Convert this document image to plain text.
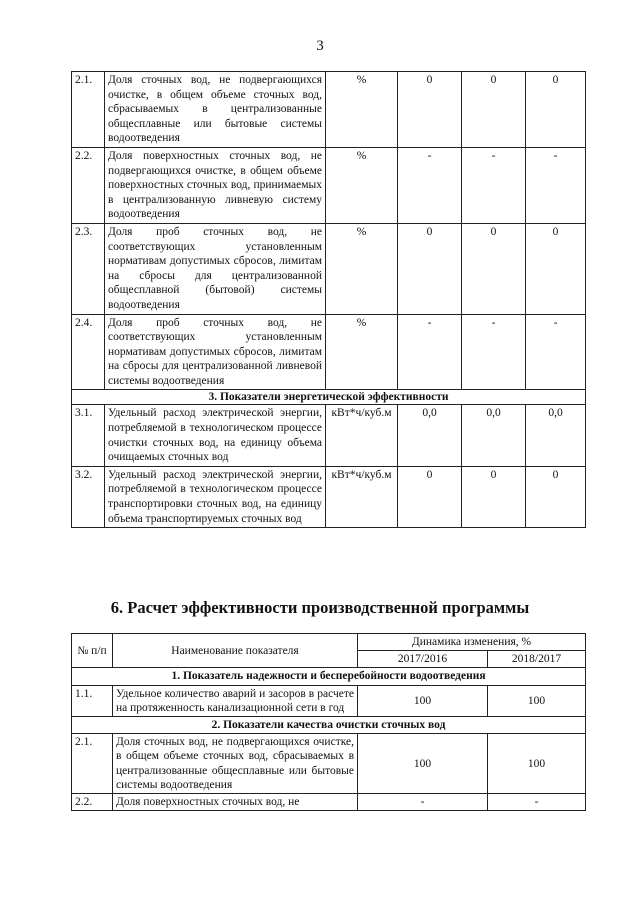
3
2.1.	Доля сточных вод, не подвергающихся очистке, в общем объеме сточных вод, сбрасываемых в централизованные общесплавные или бытовые системы водоотведения	%	0	0	0
2.2.	Доля поверхностных сточных вод, не подвергающихся очистке, в общем объеме поверхностных сточных вод, принимаемых в централизованную ливневую систему водоотведения	%	-	-	-
2.3.	Доля проб сточных вод, не соответствующих установленным нормативам допустимых сбросов, лимитам на сбросы для централизованной общесплавной (бытовой) системы водоотведения	%	0	0	0
2.4.	Доля проб сточных вод, не соответствующих установленным нормативам допустимых сбросов, лимитам на сбросы для централизованной ливневой системы водоотведения	%	-	-	-
3. Показатели энергетической эффективности					
3.1.	Удельный расход электрической энергии, потребляемой в технологическом процессе очистки сточных вод, на единицу объема очищаемых сточных вод	кВт*ч/куб.м	0,0	0,0	0,0
3.2.	Удельный расход электрической энергии, потребляемой в технологическом процессе транспортировки сточных вод, на единицу объема транспортируемых сточных вод	кВт*ч/куб.м	0	0	0
6. Расчет эффективности производственной программы
№ п/п	Наименование показателя	Динамика изменения, %	
		2017/2016	2018/2017
1. Показатель надежности и бесперебойности водоотведения			
1.1.	Удельное количество аварий и засоров в расчете на протяженность канализационной сети в год	100	100
2. Показатели качества очистки сточных вод			
2.1.	Доля сточных вод, не подвергающихся очистке, в общем объеме сточных вод, сбрасываемых в централизованные общесплавные или бытовые системы водоотведения	100	100
2.2.	Доля поверхностных сточных вод, не	-	-
